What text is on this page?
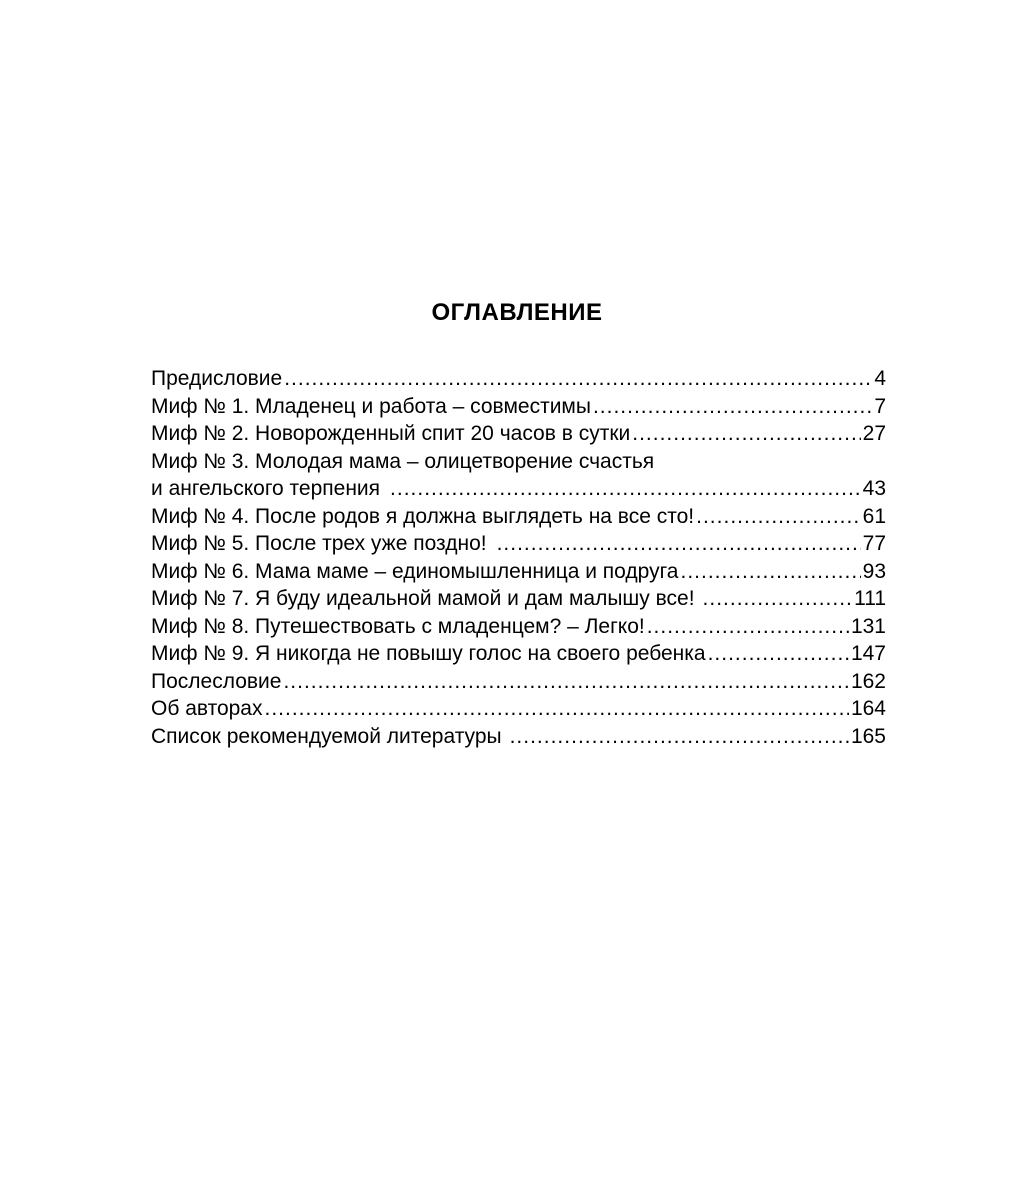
ОГЛАВЛЕНИЕ
Предисловие .....	4
Миф № 1. Младенец и работа – совместимы .....	7
Миф № 2. Новорожденный спит 20 часов в сутки .....	27
Миф № 3. Молодая мама – олицетворение счастья
и ангельского терпения .....	43
Миф № 4. После родов я должна выглядеть на все сто! .....	61
Миф № 5. После трех уже поздно! .....	77
Миф № 6. Мама маме – единомышленница и подруга .....	93
Миф № 7. Я буду идеальной мамой и дам малышу все! .....	111
Миф № 8. Путешествовать с младенцем? – Легко! .....	131
Миф № 9. Я никогда не повышу голос на своего ребенка .....	147
Послесловие .....	162
Об авторах .....	164
Список рекомендуемой литературы .....	165
